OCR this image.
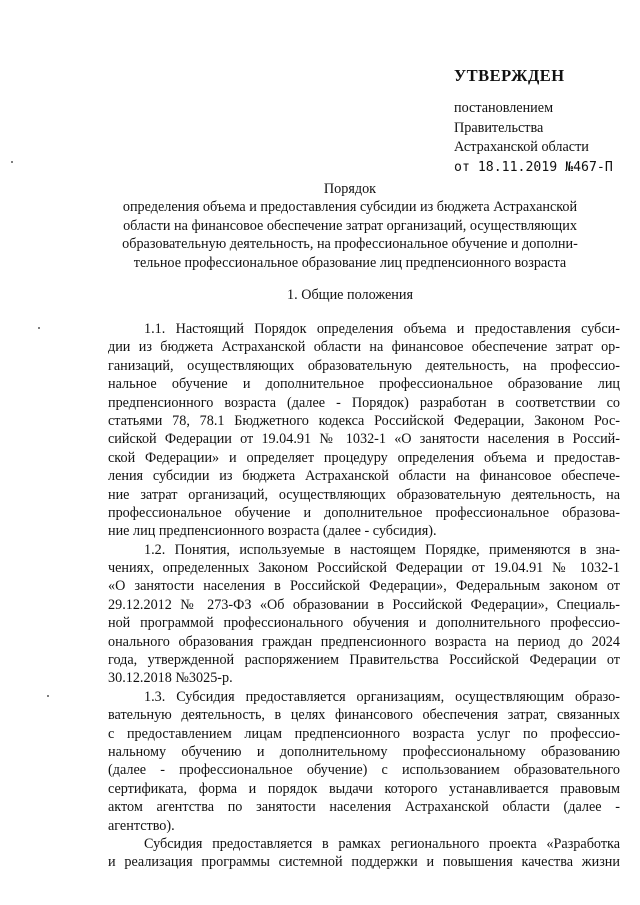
УТВЕРЖДЕН
постановлением
Правительства
Астраханской области
от 18.11.2019 №467-П
Порядок
определения объема и предоставления субсидии из бюджета Астраханской
области на финансовое обеспечение затрат организаций, осуществляющих
образовательную деятельность, на профессиональное обучение и дополни-
тельное профессиональное образование лиц предпенсионного возраста
1. Общие положения
1.1. Настоящий Порядок определения объема и предоставления субси-
дии из бюджета Астраханской области на финансовое обеспечение затрат ор-
ганизаций, осуществляющих образовательную деятельность, на профессио-
нальное обучение и дополнительное профессиональное образование лиц
предпенсионного возраста (далее - Порядок) разработан в соответствии со
статьями 78, 78.1 Бюджетного кодекса Российской Федерации, Законом Рос-
сийской Федерации от 19.04.91 № 1032-1 «О занятости населения в Россий-
ской Федерации» и определяет процедуру определения объема и предостав-
ления субсидии из бюджета Астраханской области на финансовое обеспече-
ние затрат организаций, осуществляющих образовательную деятельность, на
профессиональное обучение и дополнительное профессиональное образова-
ние лиц предпенсионного возраста (далее - субсидия).
1.2. Понятия, используемые в настоящем Порядке, применяются в зна-
чениях, определенных Законом Российской Федерации от 19.04.91 № 1032-1
«О занятости населения в Российской Федерации», Федеральным законом от
29.12.2012 № 273-ФЗ «Об образовании в Российской Федерации», Специаль-
ной программой профессионального обучения и дополнительного профессио-
онального образования граждан предпенсионного возраста на период до 2024
года, утвержденной распоряжением Правительства Российской Федерации от
30.12.2018 №3025-р.
1.3. Субсидия предоставляется организациям, осуществляющим образо-
вательную деятельность, в целях финансового обеспечения затрат, связанных
с предоставлением лицам предпенсионного возраста услуг по профессио-
нальному обучению и дополнительному профессиональному образованию
(далее - профессиональное обучение) с использованием образовательного
сертификата, форма и порядок выдачи которого устанавливается правовым
актом агентства по занятости населения Астраханской области (далее -
агентство).
Субсидия предоставляется в рамках регионального проекта «Разработка
и реализация программы системной поддержки и повышения качества жизни
